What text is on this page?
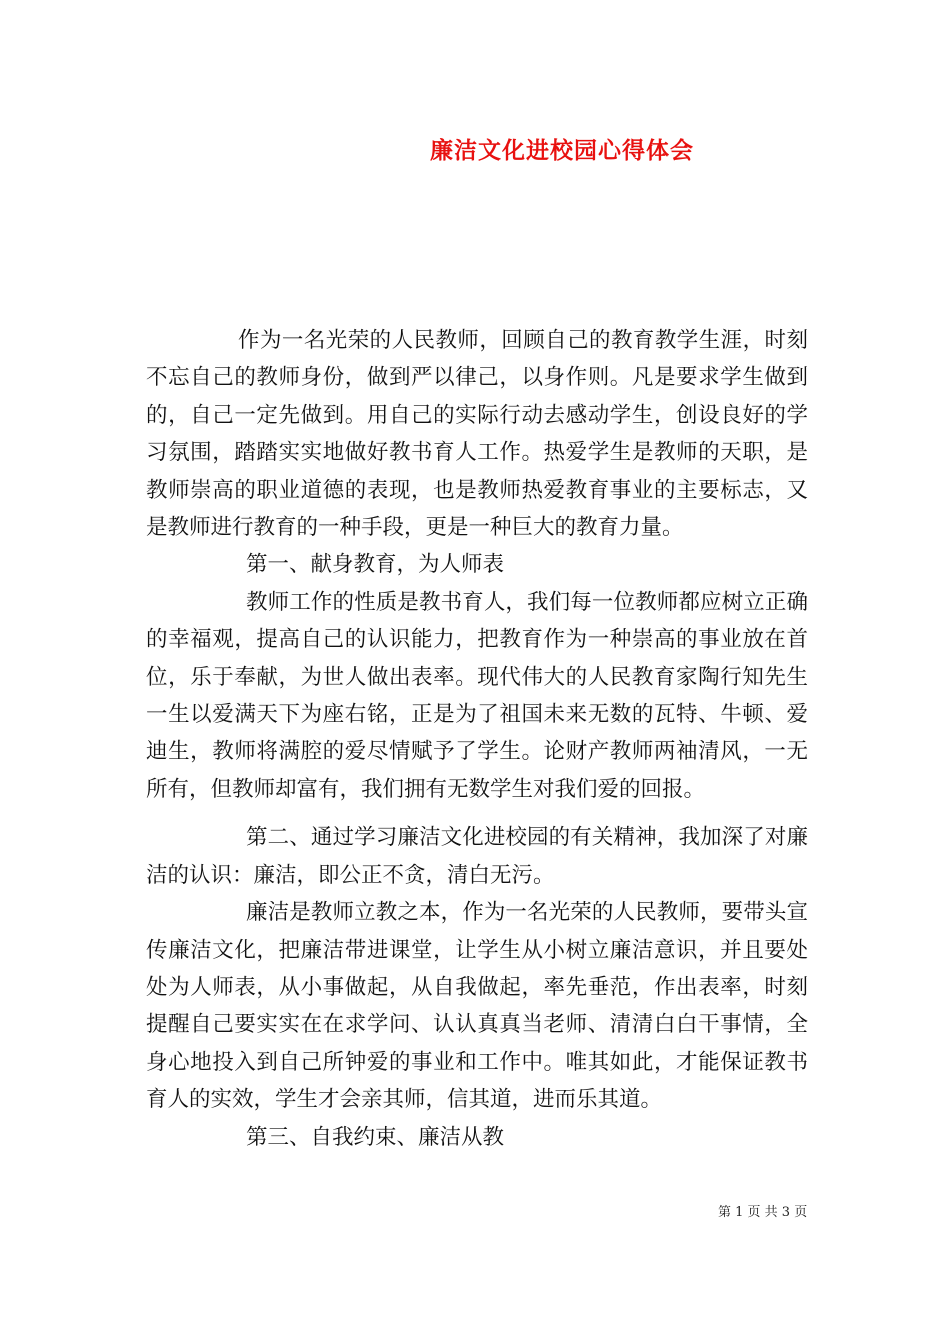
廉洁文化进校园心得体会

作为一名光荣的人民教师，回顾自己的教育教学生涯，时刻不忘自己的教师身份，做到严以律己，以身作则。凡是要求学生做到的，自己一定先做到。用自己的实际行动去感动学生，创设良好的学习氛围，踏踏实实地做好教书育人工作。热爱学生是教师的天职，是教师崇高的职业道德的表现，也是教师热爱教育事业的主要标志，又是教师进行教育的一种手段，更是一种巨大的教育力量。

第一、献身教育，为人师表

教师工作的性质是教书育人，我们每一位教师都应树立正确的幸福观，提高自己的认识能力，把教育作为一种崇高的事业放在首位，乐于奉献，为世人做出表率。现代伟大的人民教育家陶行知先生一生以爱满天下为座右铭，正是为了祖国未来无数的瓦特、牛顿、爱迪生，教师将满腔的爱尽情赋予了学生。论财产教师两袖清风，一无所有，但教师却富有，我们拥有无数学生对我们爱的回报。

第二、通过学习廉洁文化进校园的有关精神，我加深了对廉洁的认识：廉洁，即公正不贪，清白无污。

廉洁是教师立教之本，作为一名光荣的人民教师，要带头宣传廉洁文化，把廉洁带进课堂，让学生从小树立廉洁意识，并且要处处为人师表，从小事做起，从自我做起，率先垂范，作出表率，时刻提醒自己要实实在在求学问、认认真真当老师、清清白白干事情，全身心地投入到自己所钟爱的事业和工作中。唯其如此，才能保证教书育人的实效，学生才会亲其师，信其道，进而乐其道。

第三、自我约束、廉洁从教

第 1 页 共 3 页
